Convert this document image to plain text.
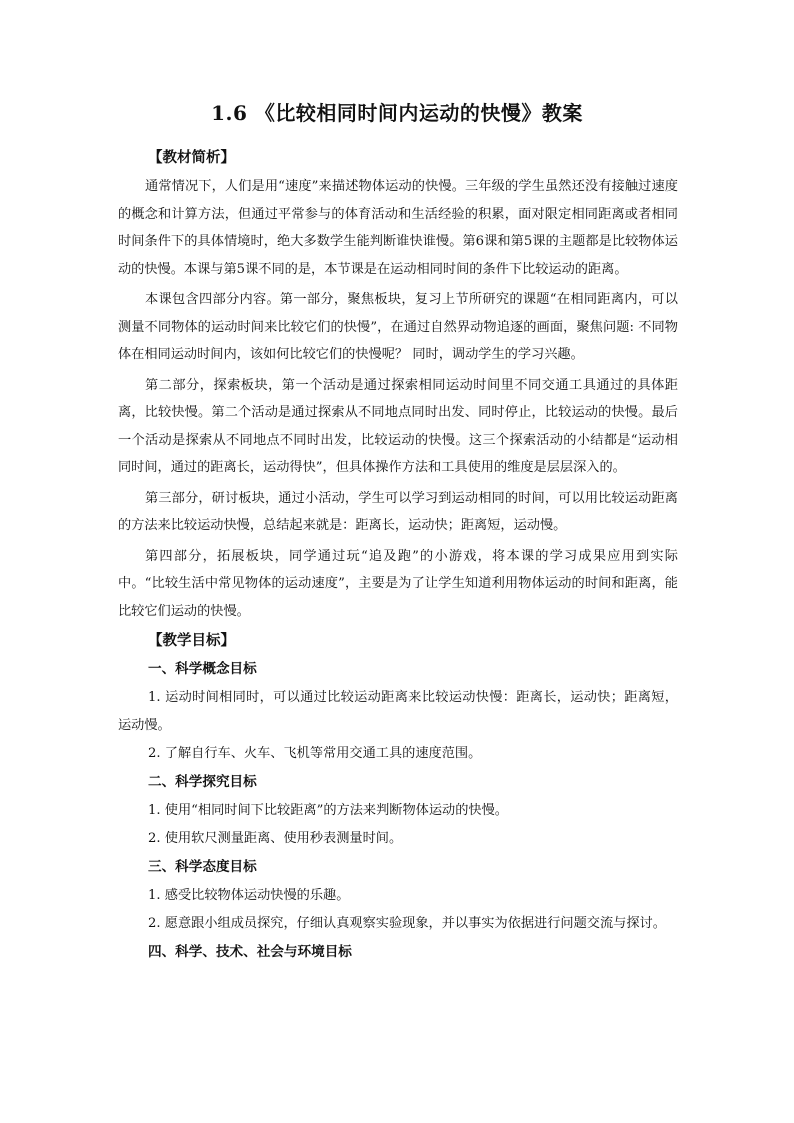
1.6 《比较相同时间内运动的快慢》教案
【教材简析】

通常情况下，人们是用“速度”来描述物体运动的快慢。三年级的学生虽然还没有接触过速度的概念和计算方法，但通过平常参与的体育活动和生活经验的积累，面对限定相同距离或者相同时间条件下的具体情境时，绝大多数学生能判断谁快谁慢。第6课和第5课的主题都是比较物体运动的快慢。本课与第5课不同的是，本节课是在运动相同时间的条件下比较运动的距离。

本课包含四部分内容。第一部分，聚焦板块，复习上节所研究的课题“在相同距离内，可以测量不同物体的运动时间来比较它们的快慢”，在通过自然界动物追逐的画面，聚焦问题: 不同物体在相同运动时间内，该如何比较它们的快慢呢？ 同时，调动学生的学习兴趣。

第二部分，探索板块，第一个活动是通过探索相同运动时间里不同交通工具通过的具体距离，比较快慢。第二个活动是通过探索从不同地点同时出发、同时停止，比较运动的快慢。最后一个活动是探索从不同地点不同时出发，比较运动的快慢。这三个探索活动的小结都是“运动相同时间，通过的距离长，运动得快”，但具体操作方法和工具使用的维度是层层深入的。

第三部分，研讨板块，通过小活动，学生可以学习到运动相同的时间，可以用比较运动距离的方法来比较运动快慢，总结起来就是：距离长，运动快；距离短，运动慢。

第四部分，拓展板块，同学通过玩“追及跑”的小游戏，将本课的学习成果应用到实际中。“比较生活中常见物体的运动速度”，主要是为了让学生知道利用物体运动的时间和距离，能比较它们运动的快慢。

【教学目标】
一、科学概念目标

1. 运动时间相同时，可以通过比较运动距离来比较运动快慢：距离长，运动快；距离短，运动慢。

2. 了解自行车、火车、飞机等常用交通工具的速度范围。

二、科学探究目标

1. 使用“相同时间下比较距离”的方法来判断物体运动的快慢。

2. 使用软尺测量距离、使用秒表测量时间。

三、科学态度目标

1. 感受比较物体运动快慢的乐趣。

2. 愿意跟小组成员探究，仔细认真观察实验现象，并以事实为依据进行问题交流与探讨。

四、科学、技术、社会与环境目标
